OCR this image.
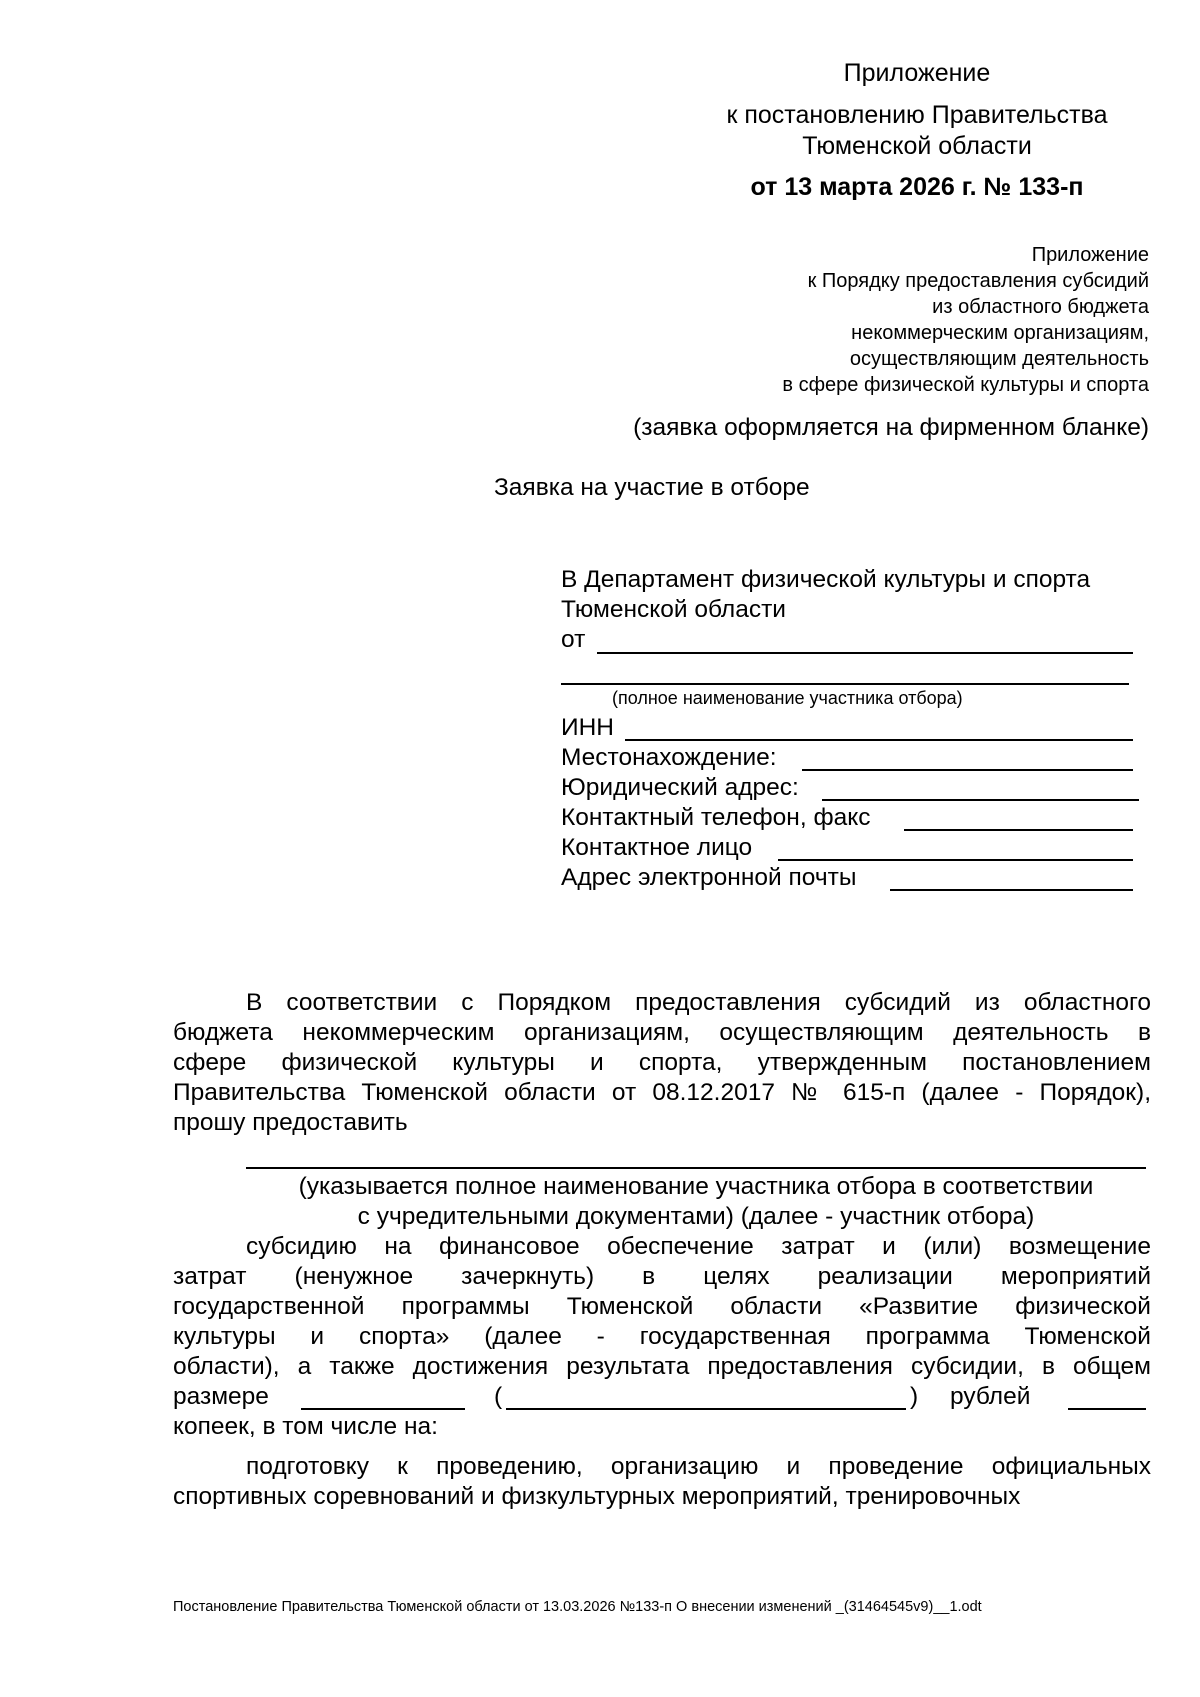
Приложение
к постановлению Правительства
Тюменской области
от 13 марта 2026 г. № 133-п
Приложение
к Порядку предоставления субсидий
из областного бюджета
некоммерческим организациям,
осуществляющим деятельность
в сфере физической культуры и спорта
(заявка оформляется на фирменном бланке)
Заявка на участие в отборе
В Департамент физической культуры и спорта
Тюменской области
от
(полное наименование участника отбора)
ИНН
Местонахождение:
Юридический адрес:
Контактный телефон, факс
Контактное лицо
Адрес электронной почты
В соответствии с Порядком предоставления субсидий из областного
бюджета некоммерческим организациям, осуществляющим деятельность в
сфере физической культуры и спорта, утвержденным постановлением
Правительства Тюменской области от 08.12.2017 № 615-п (далее - Порядок),
прошу предоставить
(указывается полное наименование участника отбора в соответствии
с учредительными документами) (далее - участник отбора)
субсидию на финансовое обеспечение затрат и (или) возмещение
затрат (ненужное зачеркнуть) в целях реализации мероприятий
государственной программы Тюменской области «Развитие физической
культуры и спорта» (далее - государственная программа Тюменской
области), а также достижения результата предоставления субсидии, в общем
размере	(	) рублей
копеек, в том числе на:
подготовку к проведению, организацию и проведение официальных
спортивных соревнований и физкультурных мероприятий, тренировочных
Постановление Правительства Тюменской области от 13.03.2026 №133-п О внесении изменений _(31464545v9)__1.odt
